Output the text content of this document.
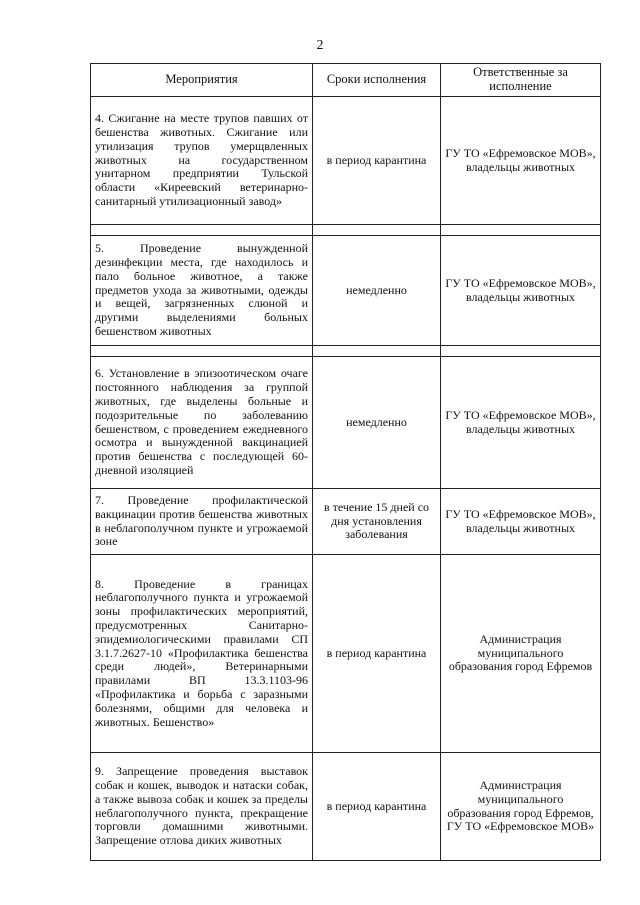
2
Мероприятия	Сроки исполнения	Ответственные за исполнение
4. Сжигание на месте трупов павших от бешенства животных. Сжигание или утилизация трупов умерщвленных животных на государственном унитарном предприятии Тульской области «Киреевский ветеринарно-санитарный утилизационный завод»	в период карантина	ГУ ТО «Ефремовское МОВ», владельцы животных

5. Проведение вынужденной дезинфекции места, где находилось и пало больное животное, а также предметов ухода за животными, одежды и вещей, загрязненных слюной и другими выделениями больных бешенством животных	немедленно	ГУ ТО «Ефремовское МОВ», владельцы животных

6. Установление в эпизоотическом очаге постоянного наблюдения за группой животных, где выделены больные и подозрительные по заболеванию бешенством, с проведением ежедневного осмотра и вынужденной вакцинацией против бешенства с последующей 60-дневной изоляцией	немедленно	ГУ ТО «Ефремовское МОВ», владельцы животных
7. Проведение профилактической вакцинации против бешенства животных в неблагополучном пункте и угрожаемой зоне	в течение 15 дней со дня установления заболевания	ГУ ТО «Ефремовское МОВ», владельцы животных
8. Проведение в границах неблагополучного пункта и угрожаемой зоны профилактических мероприятий, предусмотренных Санитарно-эпидемиологическими правилами СП 3.1.7.2627-10 «Профилактика бешенства среди людей», Ветеринарными правилами ВП 13.3.1103-96 «Профилактика и борьба с заразными болезнями, общими для человека и животных. Бешенство»	в период карантина	Администрация муниципального образования город Ефремов
9. Запрещение проведения выставок собак и кошек, выводок и натаски собак, а также вывоза собак и кошек за пределы неблагополучного пункта, прекращение торговли домашними животными. Запрещение отлова диких животных	в период карантина	Администрация муниципального образования город Ефремов, ГУ ТО «Ефремовское МОВ»
